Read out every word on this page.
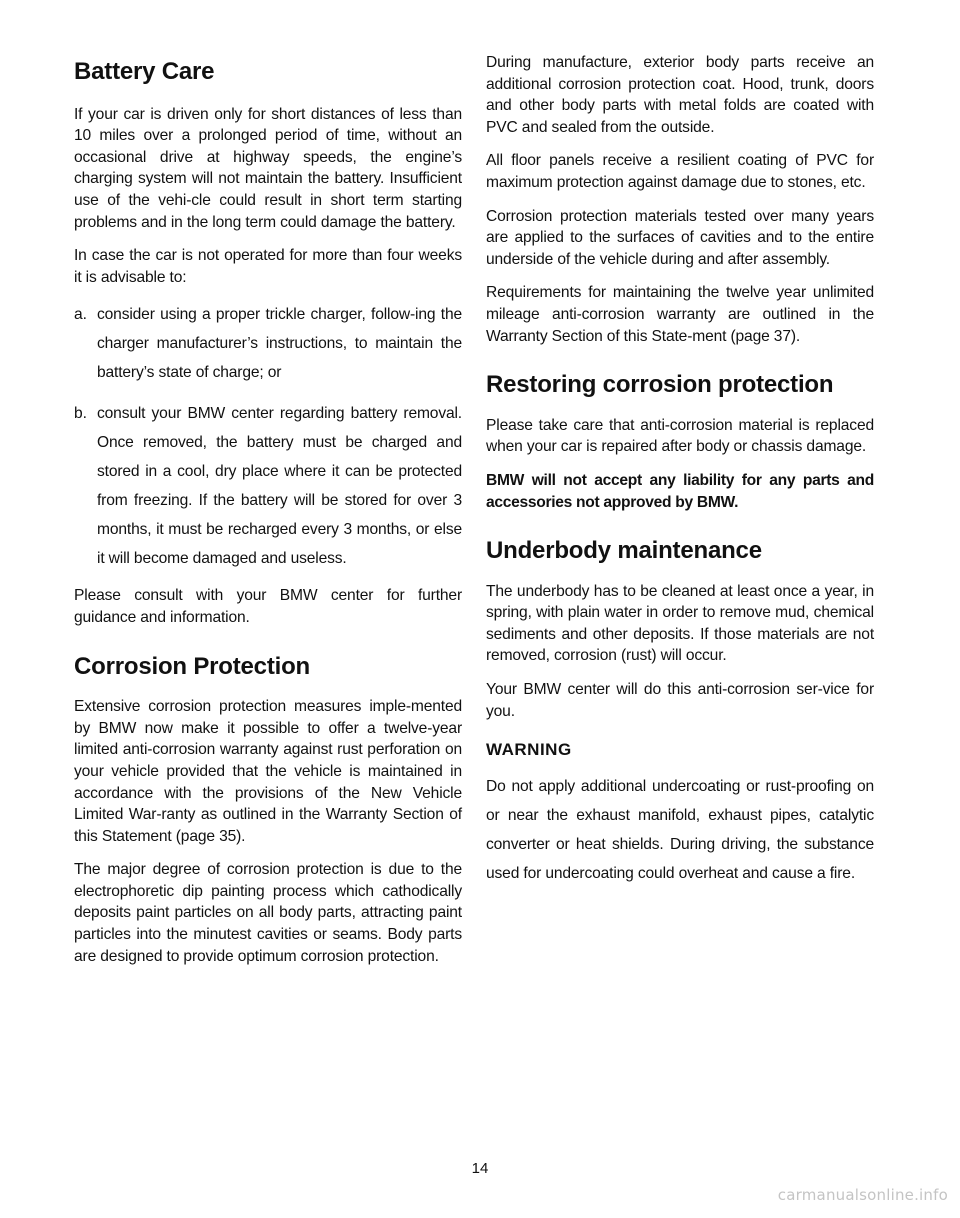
Battery Care

If your car is driven only for short distances of less than 10 miles over a prolonged period of time, without an occasional drive at highway speeds, the engine’s charging system will not maintain the battery. Insufficient use of the vehi-cle could result in short term starting problems and in the long term could damage the battery.

In case the car is not operated for more than four weeks it is advisable to:

a. consider using a proper trickle charger, follow-ing the charger manufacturer’s instructions, to maintain the battery’s state of charge; or
b. consult your BMW center regarding battery removal. Once removed, the battery must be charged and stored in a cool, dry place where it can be protected from freezing. If the battery will be stored for over 3 months, it must be recharged every 3 months, or else it will become damaged and useless.

Please consult with your BMW center for further guidance and information.

Corrosion Protection

Extensive corrosion protection measures imple-mented by BMW now make it possible to offer a twelve-year limited anti-corrosion warranty against rust perforation on your vehicle provided that the vehicle is maintained in accordance with the provisions of the New Vehicle Limited War-ranty as outlined in the Warranty Section of this Statement (page 35).

The major degree of corrosion protection is due to the electrophoretic dip painting process which cathodically deposits paint particles on all body parts, attracting paint particles into the minutest cavities or seams. Body parts are designed to provide optimum corrosion protection.

During manufacture, exterior body parts receive an additional corrosion protection coat. Hood, trunk, doors and other body parts with metal folds are coated with PVC and sealed from the outside.

All floor panels receive a resilient coating of PVC for maximum protection against damage due to stones, etc.

Corrosion protection materials tested over many years are applied to the surfaces of cavities and to the entire underside of the vehicle during and after assembly.

Requirements for maintaining the twelve year unlimited mileage anti-corrosion warranty are outlined in the Warranty Section of this State-ment (page 37).

Restoring corrosion protection

Please take care that anti-corrosion material is replaced when your car is repaired after body or chassis damage.

BMW will not accept any liability for any parts and accessories not approved by BMW.

Underbody maintenance

The underbody has to be cleaned at least once a year, in spring, with plain water in order to remove mud, chemical sediments and other deposits. If those materials are not removed, corrosion (rust) will occur.

Your BMW center will do this anti-corrosion ser-vice for you.

WARNING

Do not apply additional undercoating or rust-proofing on or near the exhaust manifold, exhaust pipes, catalytic converter or heat shields. During driving, the substance used for undercoating could overheat and cause a fire.

14
carmanualsonline.info
